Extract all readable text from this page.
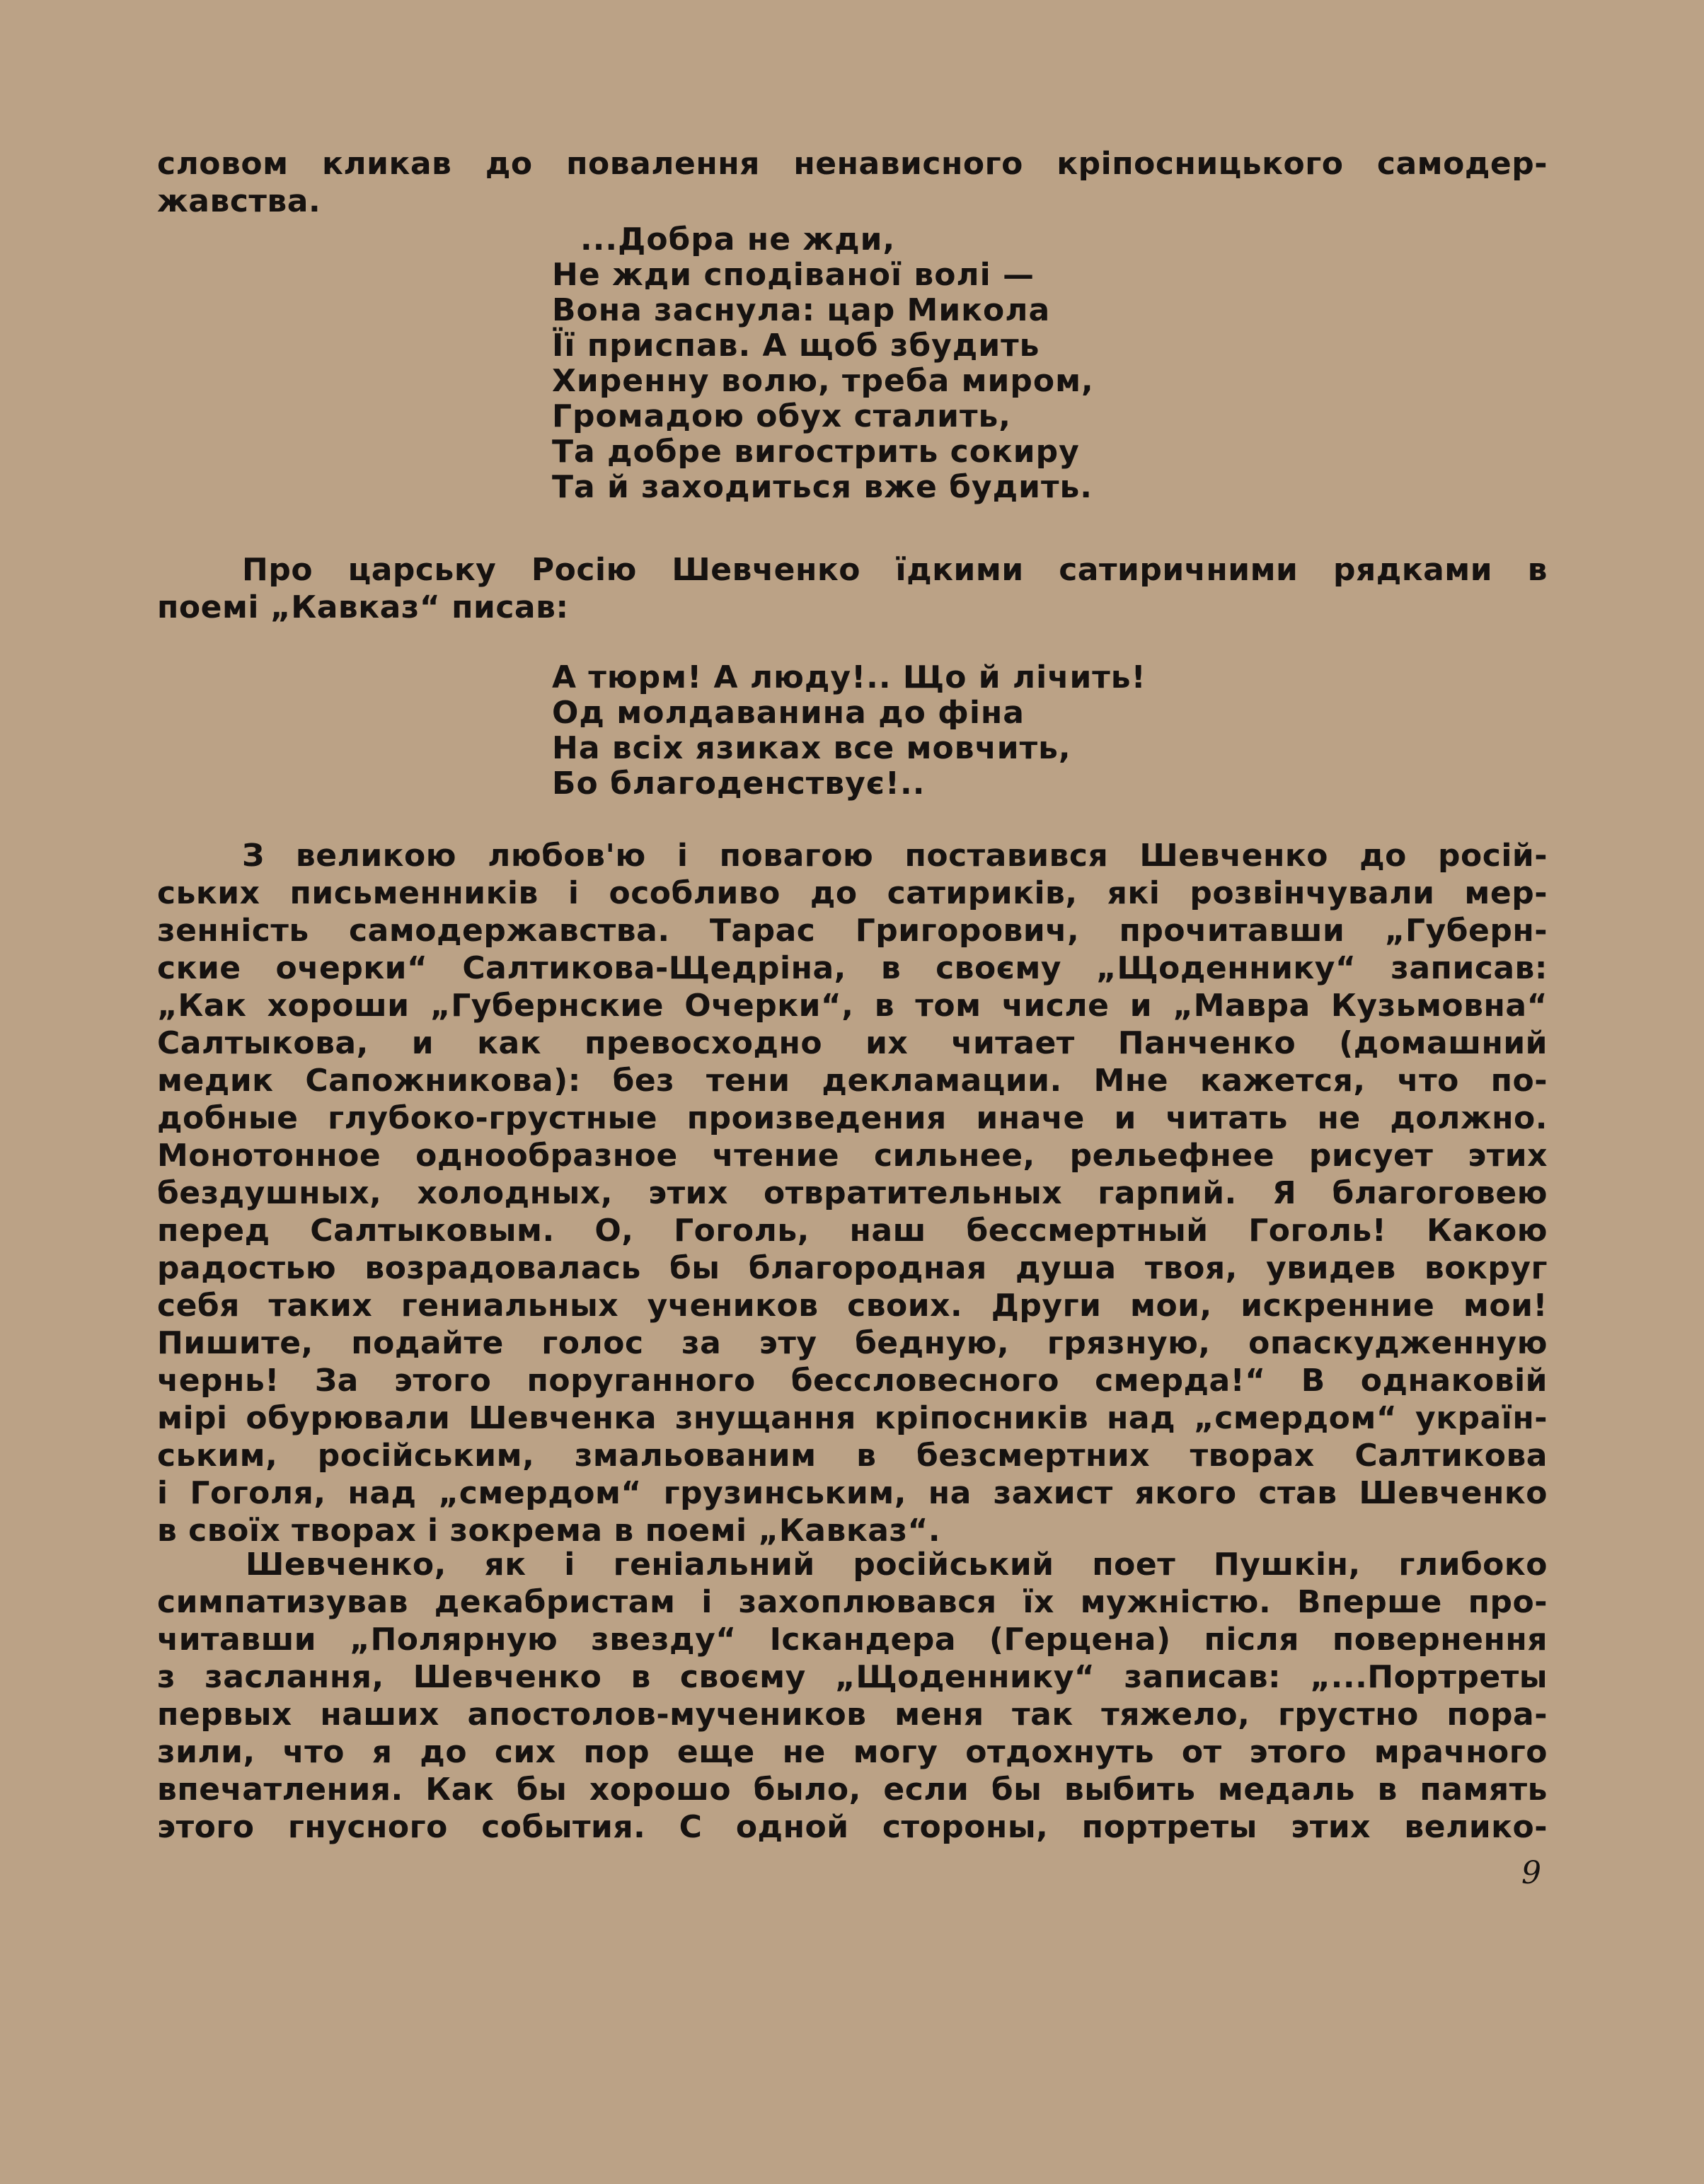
словом кликав до повалення ненависного кріпосницького самодер-
жавства.
...Добра не жди,
Не жди сподіваної волі —
Вона заснула: цар Микола
Її приспав. А щоб збудить
Хиренну волю, треба миром,
Громадою обух сталить,
Та добре вигострить сокиру
Та й заходиться вже будить.
Про царську Росію Шевченко їдкими сатиричними рядками в
поемі „Кавказ“ писав:
А тюрм! А люду!.. Що й лічить!
Од молдаванина до фіна
На всіх язиках все мовчить,
Бо благоденствує!..
З великою любов'ю і повагою поставився Шевченко до росій-
ських письменників і особливо до сатириків, які розвінчували мер-
зенність самодержавства. Тарас Григорович, прочитавши „Губерн-
ские очерки“ Салтикова-Щедріна, в своєму „Щоденнику“ записав:
„Как хороши „Губернские Очерки“, в том числе и „Мавра Кузьмовна“
Салтыкова, и как превосходно их читает Панченко (домашний
медик Сапожникова): без тени декламации. Мне кажется, что по-
добные глубоко-грустные произведения иначе и читать не должно.
Монотонное однообразное чтение сильнее, рельефнее рисует этих
бездушных, холодных, этих отвратительных гарпий. Я благоговею
перед Салтыковым. О, Гоголь, наш бессмертный Гоголь! Какою
радостью возрадовалась бы благородная душа твоя, увидев вокруг
себя таких гениальных учеников своих. Други мои, искренние мои!
Пишите, подайте голос за эту бедную, грязную, опаскудженную
чернь! За этого поруганного бессловесного смерда!“ В однаковій
мірі обурювали Шевченка знущання кріпосників над „смердом“ україн-
ським, російським, змальованим в безсмертних творах Салтикова
і Гоголя, над „смердом“ грузинським, на захист якого став Шевченко
в своїх творах і зокрема в поемі „Кавказ“.
Шевченко, як і геніальний російський поет Пушкін, глибоко
симпатизував декабристам і захоплювався їх мужністю. Вперше про-
читавши „Полярную звезду“ Іскандера (Герцена) після повернення
з заслання, Шевченко в своєму „Щоденнику“ записав: „...Портреты
первых наших апостолов-мучеников меня так тяжело, грустно пора-
зили, что я до сих пор еще не могу отдохнуть от этого мрачного
впечатления. Как бы хорошо было, если бы выбить медаль в память
этого гнусного события. С одной стороны, портреты этих велико-
9
